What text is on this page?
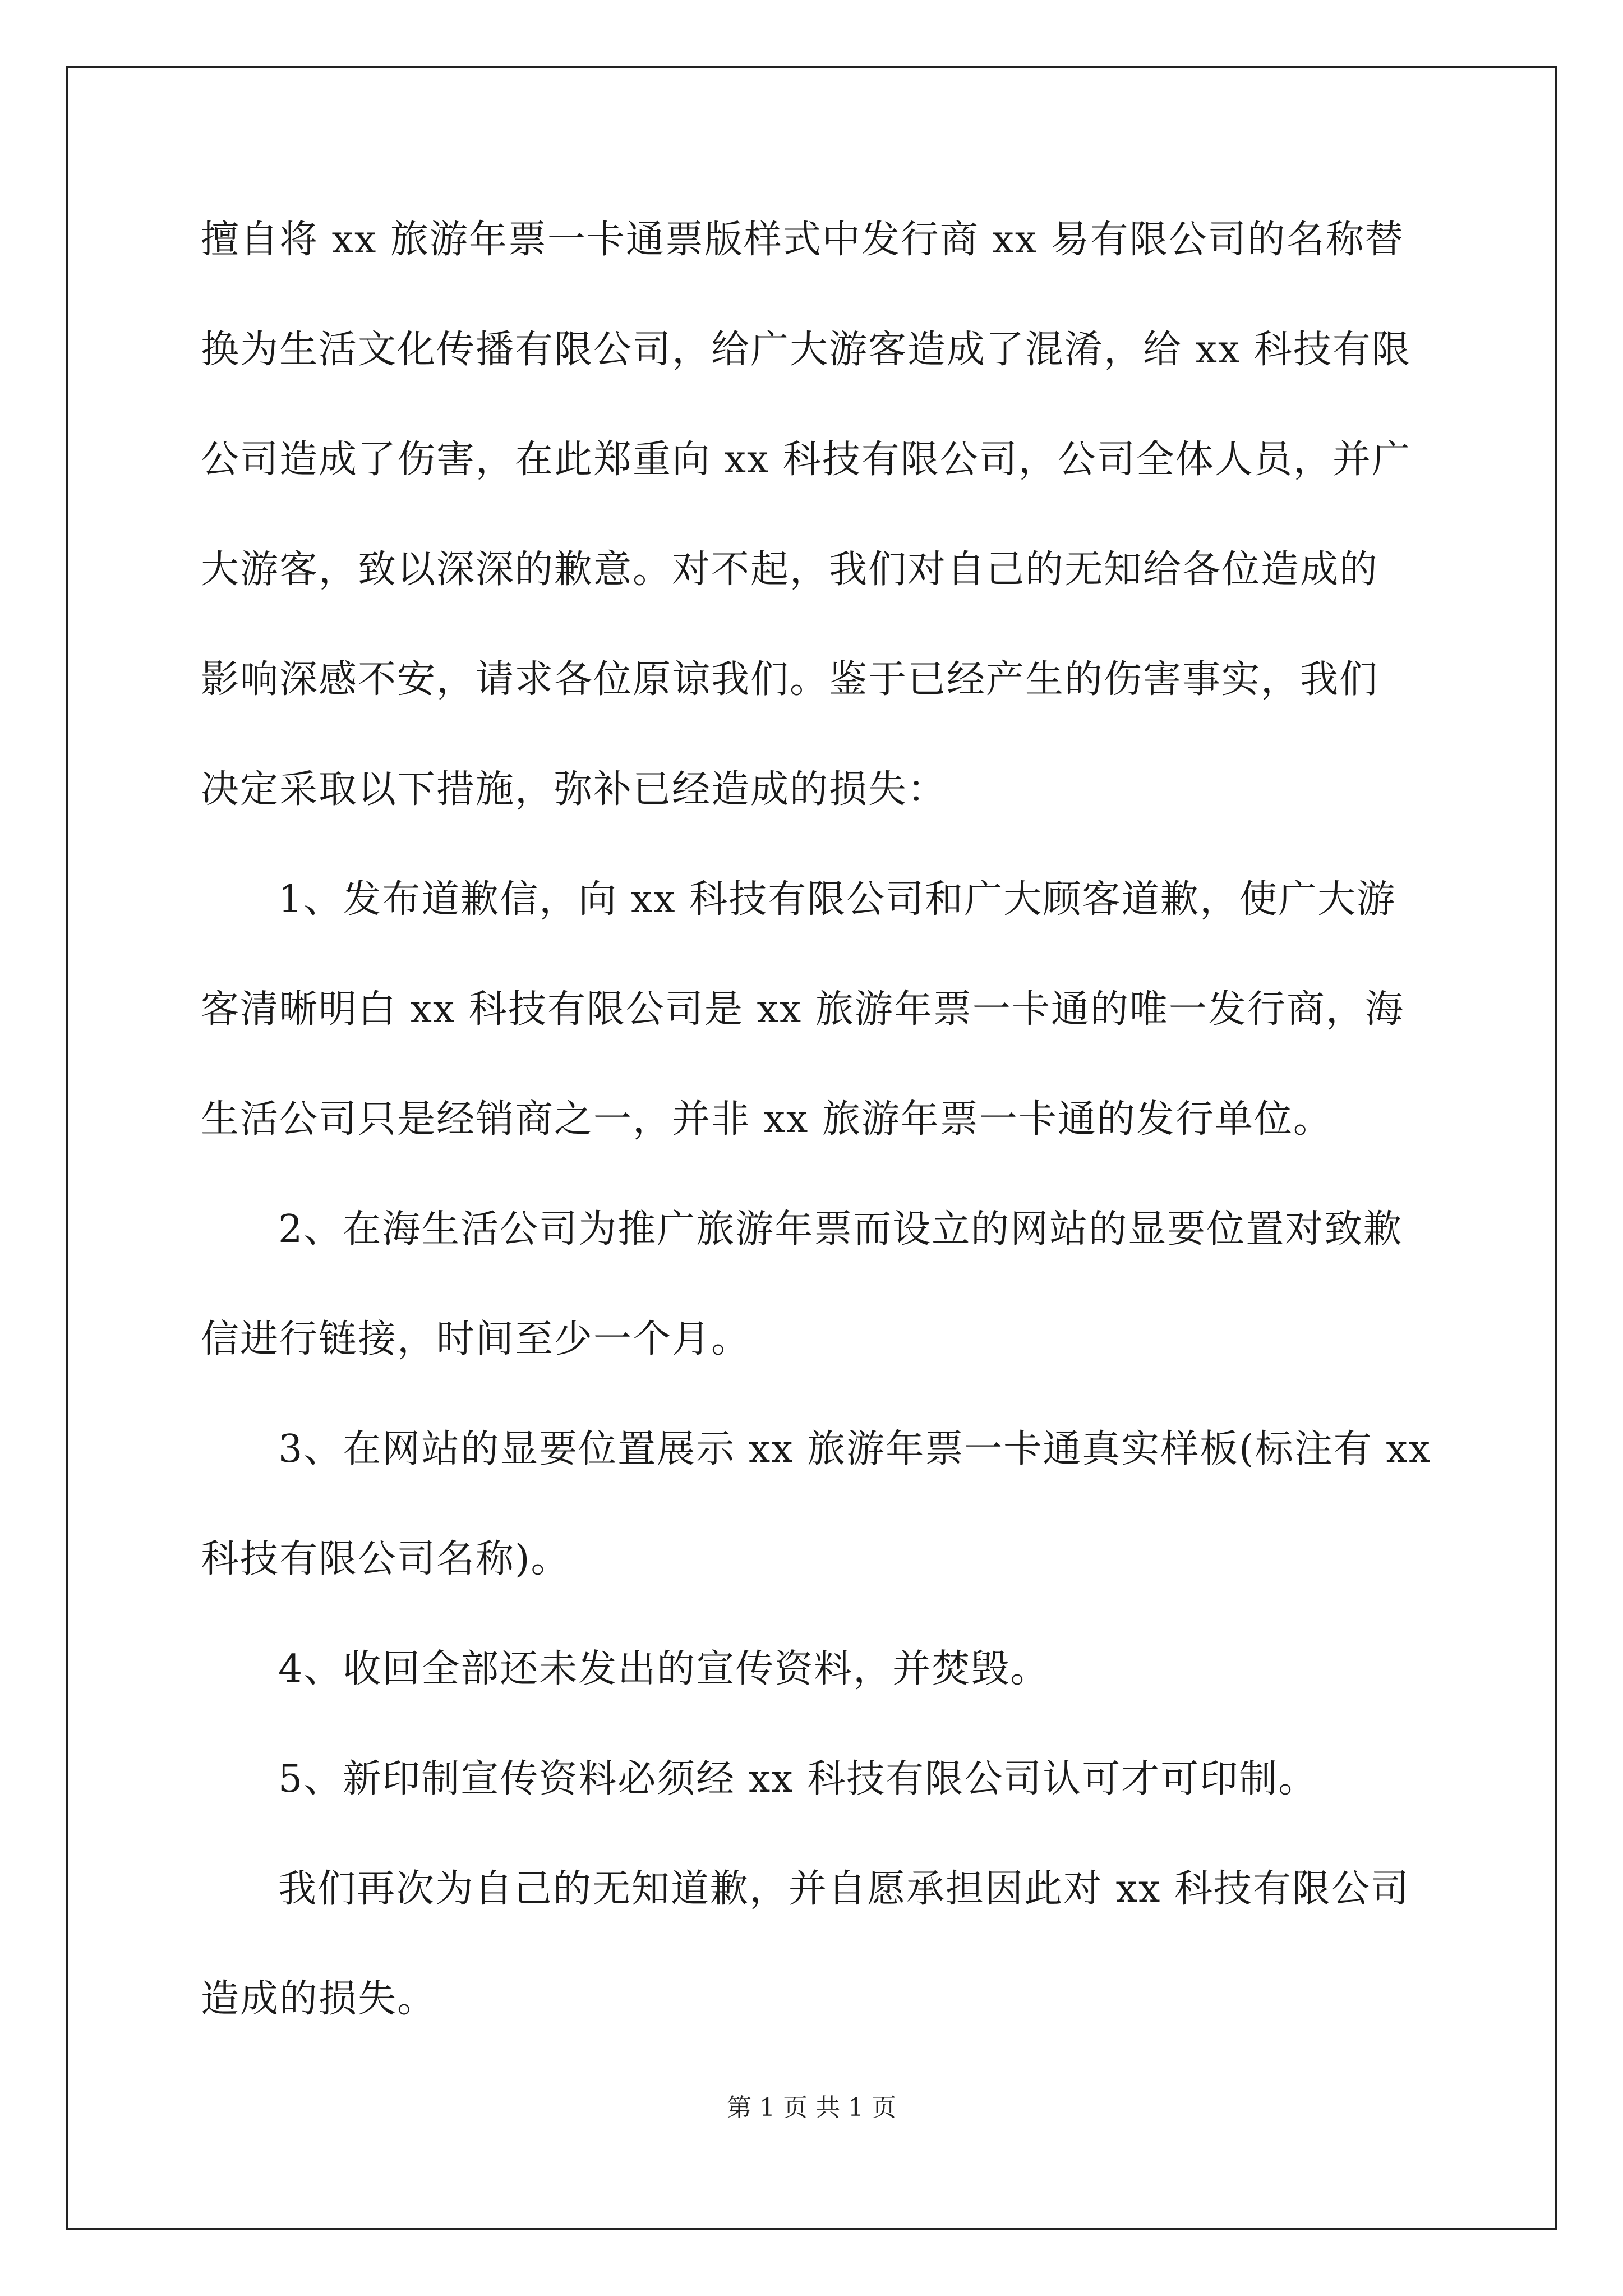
擅自将 xx 旅游年票一卡通票版样式中发行商 xx 易有限公司的名称替
换为生活文化传播有限公司，给广大游客造成了混淆，给 xx 科技有限
公司造成了伤害，在此郑重向 xx 科技有限公司，公司全体人员，并广
大游客，致以深深的歉意。对不起，我们对自己的无知给各位造成的
影响深感不安，请求各位原谅我们。鉴于已经产生的伤害事实，我们
决定采取以下措施，弥补已经造成的损失：
1、发布道歉信，向 xx 科技有限公司和广大顾客道歉，使广大游
客清晰明白 xx 科技有限公司是 xx 旅游年票一卡通的唯一发行商，海
生活公司只是经销商之一，并非 xx 旅游年票一卡通的发行单位。
2、在海生活公司为推广旅游年票而设立的网站的显要位置对致歉
信进行链接，时间至少一个月。
3、在网站的显要位置展示 xx 旅游年票一卡通真实样板(标注有 xx
科技有限公司名称)。
4、收回全部还未发出的宣传资料，并焚毁。
5、新印制宣传资料必须经 xx 科技有限公司认可才可印制。
我们再次为自己的无知道歉，并自愿承担因此对 xx 科技有限公司
造成的损失。
第 1 页 共 1 页
